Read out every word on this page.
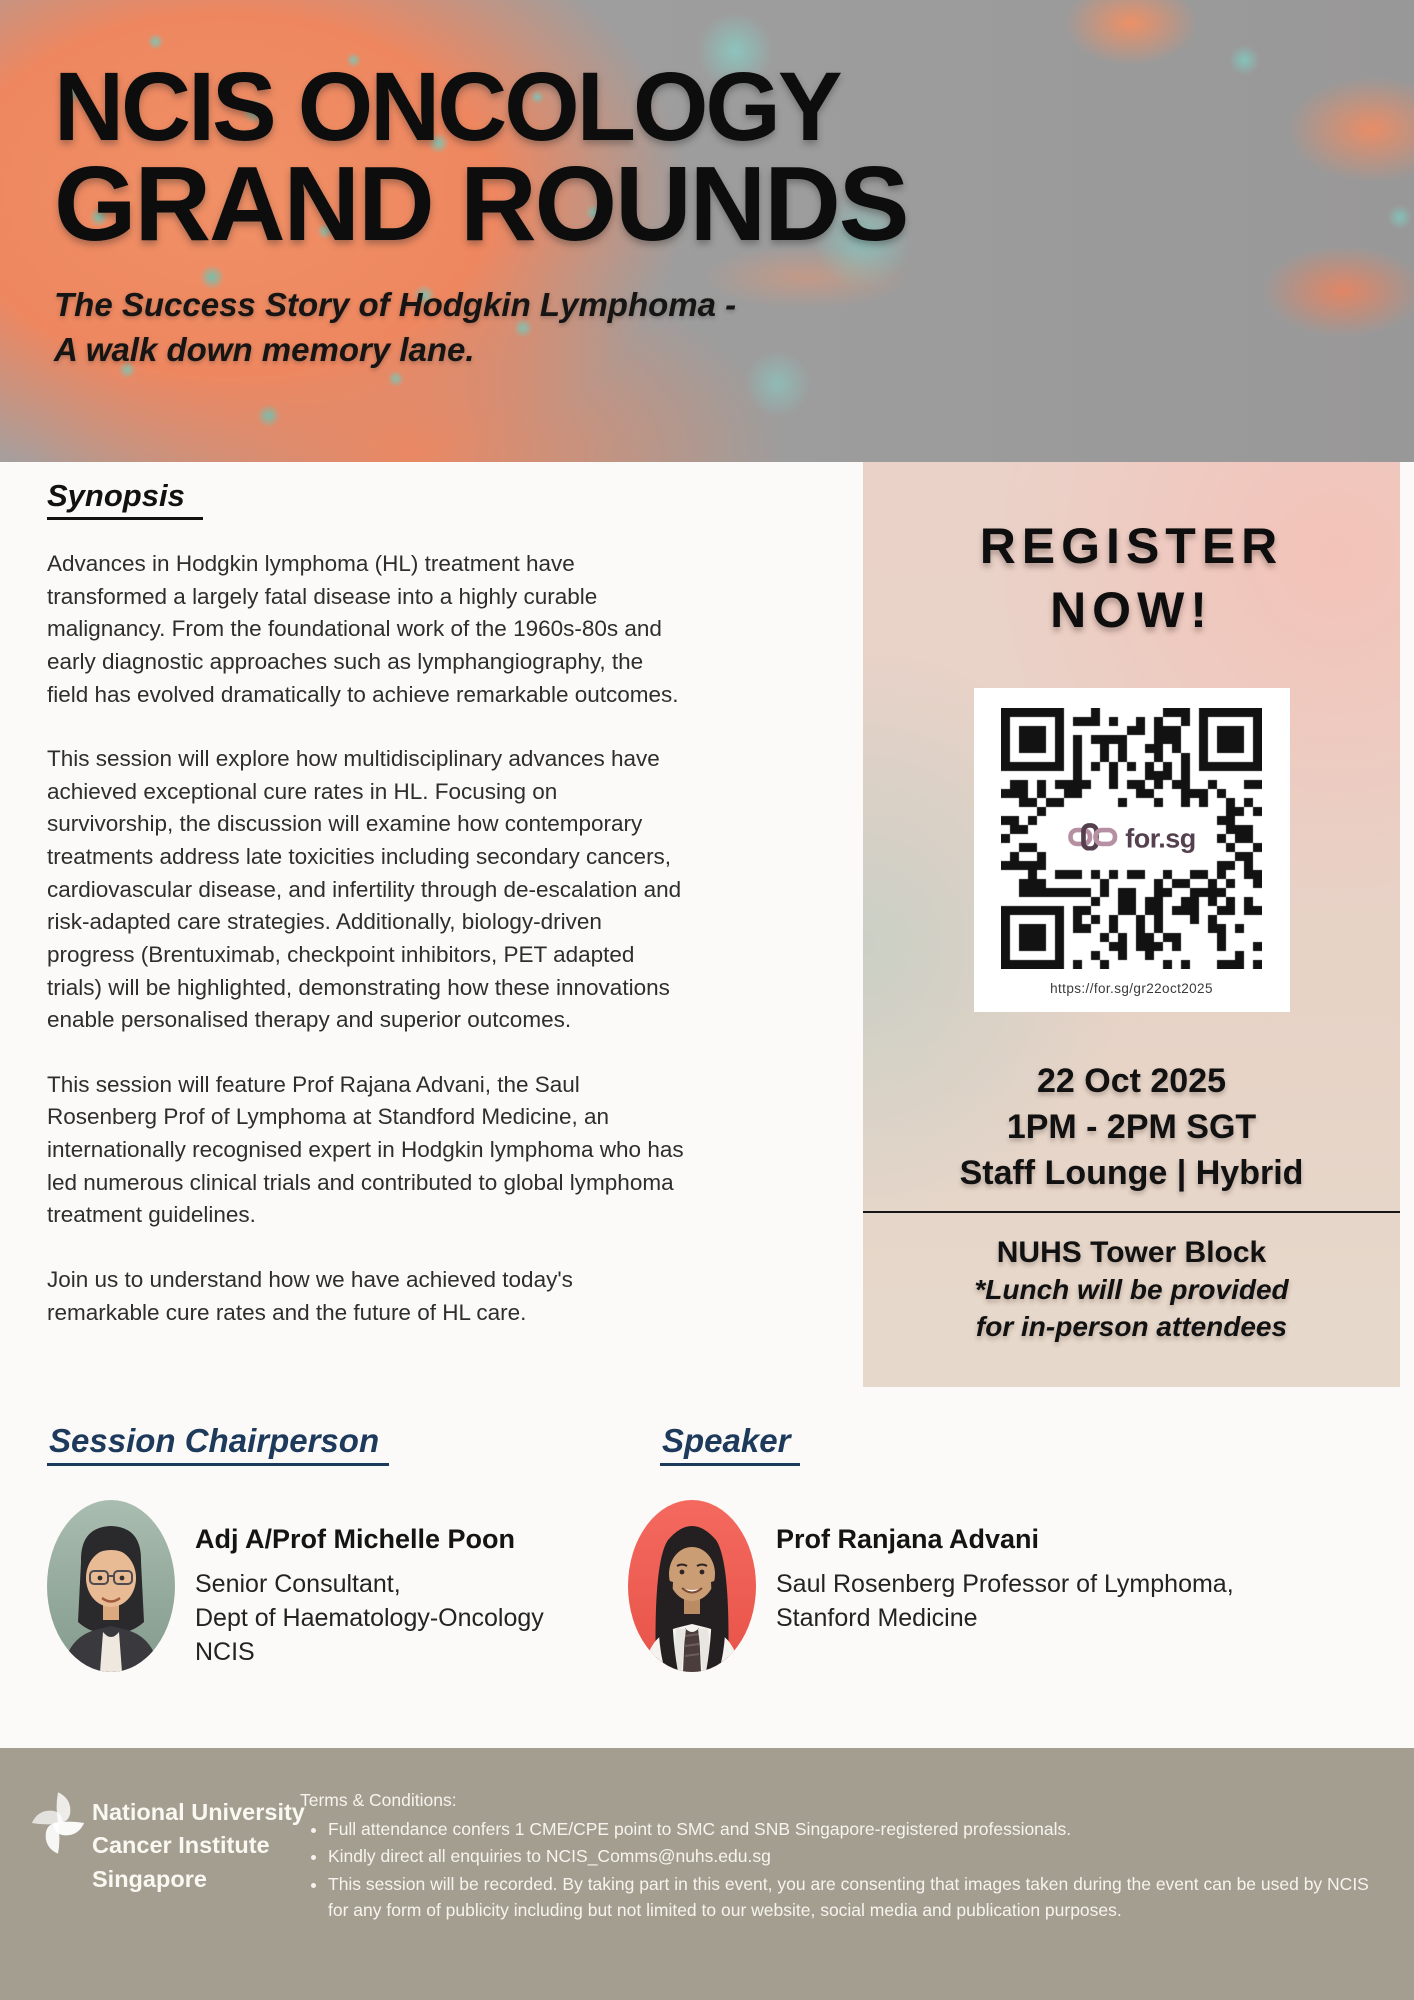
NCIS ONCOLOGY
GRAND ROUNDS
The Success Story of Hodgkin Lymphoma -
A walk down memory lane.
Synopsis

Advances in Hodgkin lymphoma (HL) treatment have transformed a largely fatal disease into a highly curable malignancy. From the foundational work of the 1960s-80s and early diagnostic approaches such as lymphangiography, the field has evolved dramatically to achieve remarkable outcomes.

This session will explore how multidisciplinary advances have achieved exceptional cure rates in HL. Focusing on survivorship, the discussion will examine how contemporary treatments address late toxicities including secondary cancers, cardiovascular disease, and infertility through de-escalation and risk-adapted care strategies. Additionally, biology-driven progress (Brentuximab, checkpoint inhibitors, PET adapted trials) will be highlighted, demonstrating how these innovations enable personalised therapy and superior outcomes.

This session will feature Prof Rajana Advani, the Saul Rosenberg Prof of Lymphoma at Standford Medicine, an internationally recognised expert in Hodgkin lymphoma who has led numerous clinical trials and contributed to global lymphoma treatment guidelines.

Join us to understand how we have achieved today's remarkable cure rates and the future of HL care.

REGISTER
NOW!
for.sg
https://for.sg/gr22oct2025
22 Oct 2025
1PM - 2PM SGT
Staff Lounge | Hybrid
NUHS Tower Block
*Lunch will be provided
for in-person attendees
Session Chairperson
Adj A/Prof Michelle Poon
Senior Consultant,
Dept of Haematology-Oncology
NCIS
Speaker
Prof Ranjana Advani
Saul Rosenberg Professor of Lymphoma,
Stanford Medicine
National University
Cancer Institute
Singapore
Terms & Conditions:
• Full attendance confers 1 CME/CPE point to SMC and SNB Singapore-registered professionals.
• Kindly direct all enquiries to NCIS_Comms@nuhs.edu.sg
• This session will be recorded. By taking part in this event, you are consenting that images taken during the event can be used by NCIS for any form of publicity including but not limited to our website, social media and publication purposes.
